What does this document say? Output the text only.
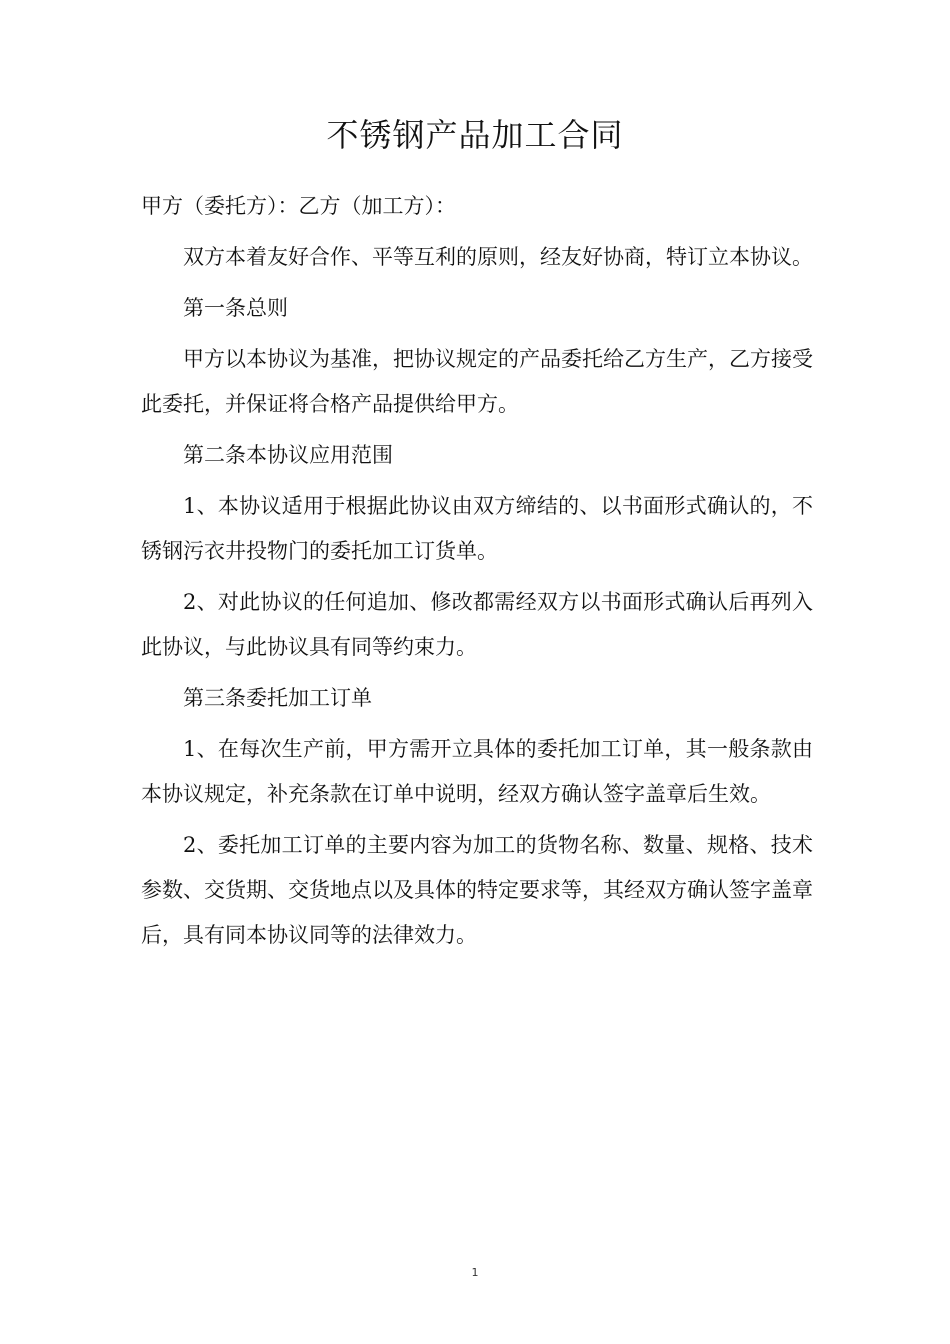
不锈钢产品加工合同

甲方（委托方）：乙方（加工方）：

双方本着友好合作、平等互利的原则，经友好协商，特订立本协议。

第一条总则

甲方以本协议为基准，把协议规定的产品委托给乙方生产，乙方接受此委托，并保证将合格产品提供给甲方。

第二条本协议应用范围

1、本协议适用于根据此协议由双方缔结的、以书面形式确认的，不锈钢污衣井投物门的委托加工订货单。

2、对此协议的任何追加、修改都需经双方以书面形式确认后再列入此协议，与此协议具有同等约束力。

第三条委托加工订单

1、在每次生产前，甲方需开立具体的委托加工订单，其一般条款由本协议规定，补充条款在订单中说明，经双方确认签字盖章后生效。

2、委托加工订单的主要内容为加工的货物名称、数量、规格、技术参数、交货期、交货地点以及具体的特定要求等，其经双方确认签字盖章后，具有同本协议同等的法律效力。

1
